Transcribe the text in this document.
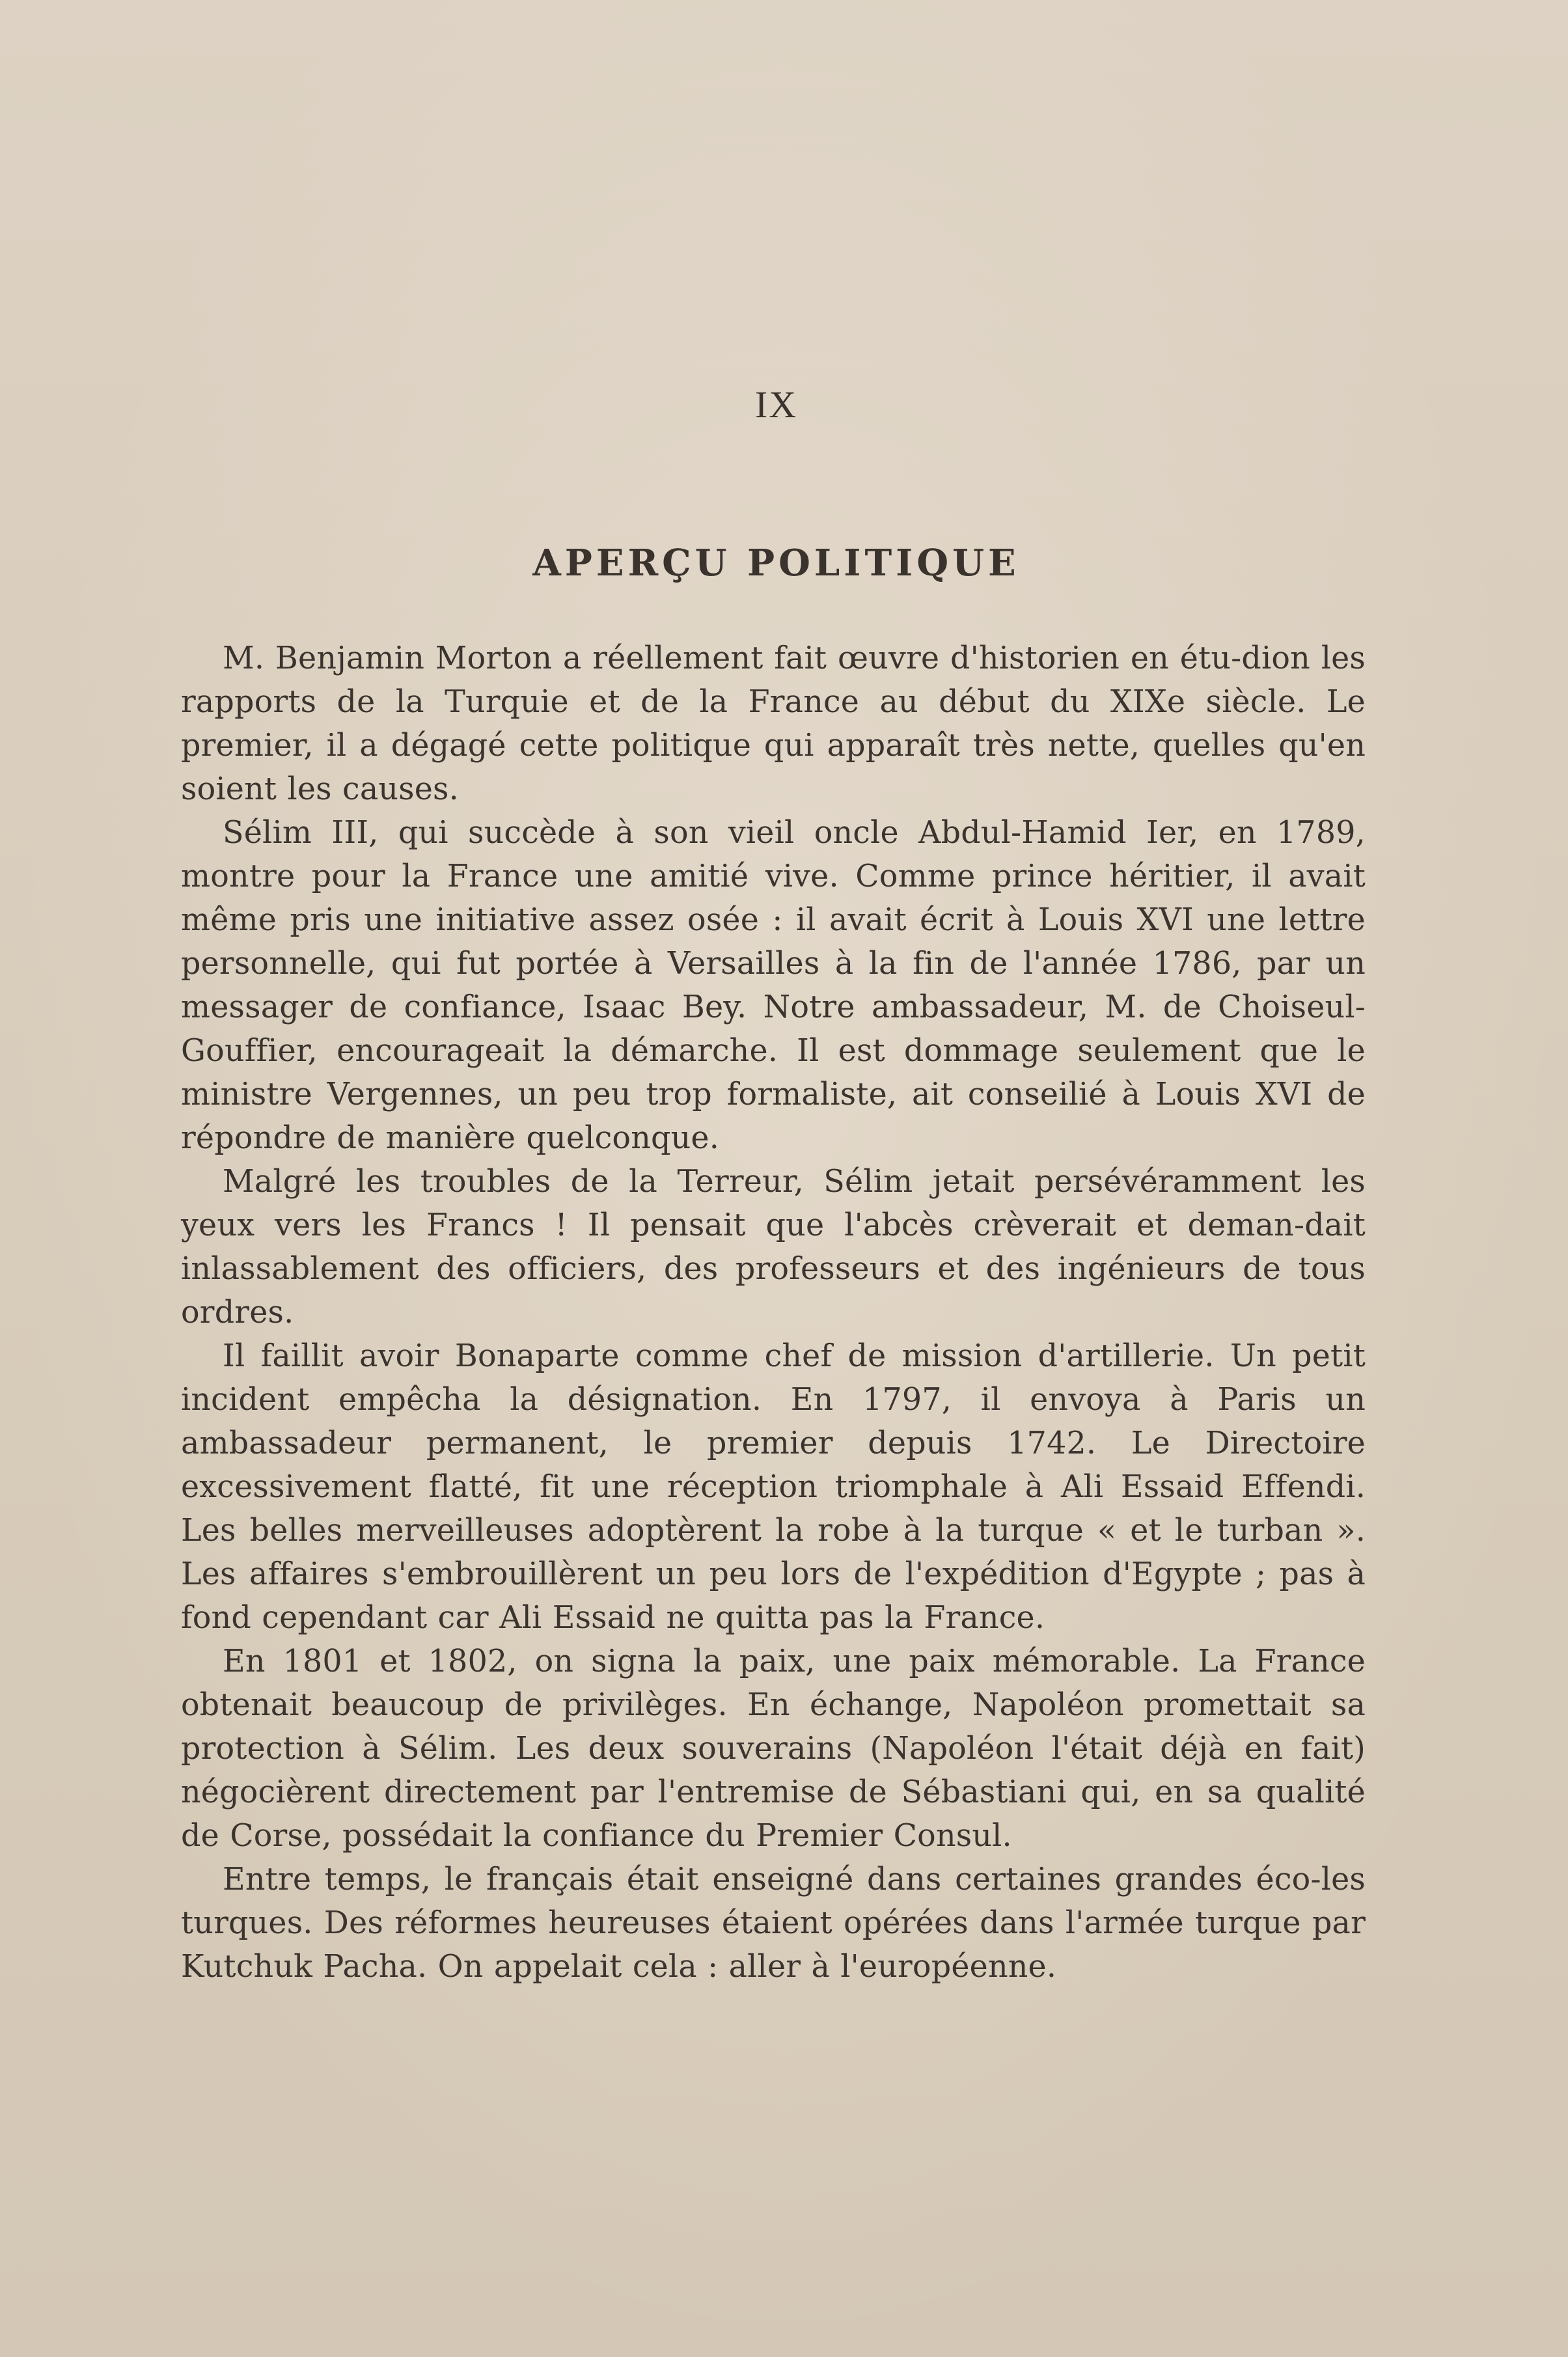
IX
APERÇU POLITIQUE

M. Benjamin Morton a réellement fait œuvre d'historien en étu-dion les rapports de la Turquie et de la France au début du XIXe siècle. Le premier, il a dégagé cette politique qui apparaît très nette, quelles qu'en soient les causes.

Sélim III, qui succède à son vieil oncle Abdul-Hamid Ier, en 1789, montre pour la France une amitié vive. Comme prince héritier, il avait même pris une initiative assez osée : il avait écrit à Louis XVI une lettre personnelle, qui fut portée à Versailles à la fin de l'année 1786, par un messager de confiance, Isaac Bey. Notre ambassadeur, M. de Choiseul-Gouffier, encourageait la démarche. Il est dommage seulement que le ministre Vergennes, un peu trop formaliste, ait conseilié à Louis XVI de répondre de manière quelconque.

Malgré les troubles de la Terreur, Sélim jetait persévéramment les yeux vers les Francs ! Il pensait que l'abcès crèverait et deman-dait inlassablement des officiers, des professeurs et des ingénieurs de tous ordres.

Il faillit avoir Bonaparte comme chef de mission d'artillerie. Un petit incident empêcha la désignation. En 1797, il envoya à Paris un ambassadeur permanent, le premier depuis 1742. Le Directoire excessivement flatté, fit une réception triomphale à Ali Essaid Effendi. Les belles merveilleuses adoptèrent la robe à la turque « et le turban ». Les affaires s'embrouillèrent un peu lors de l'expédition d'Egypte ; pas à fond cependant car Ali Essaid ne quitta pas la France.

En 1801 et 1802, on signa la paix, une paix mémorable. La France obtenait beaucoup de privilèges. En échange, Napoléon promettait sa protection à Sélim. Les deux souverains (Napoléon l'était déjà en fait) négocièrent directement par l'entremise de Sébastiani qui, en sa qualité de Corse, possédait la confiance du Premier Consul.

Entre temps, le français était enseigné dans certaines grandes éco-les turques. Des réformes heureuses étaient opérées dans l'armée turque par Kutchuk Pacha. On appelait cela : aller à l'européenne.
